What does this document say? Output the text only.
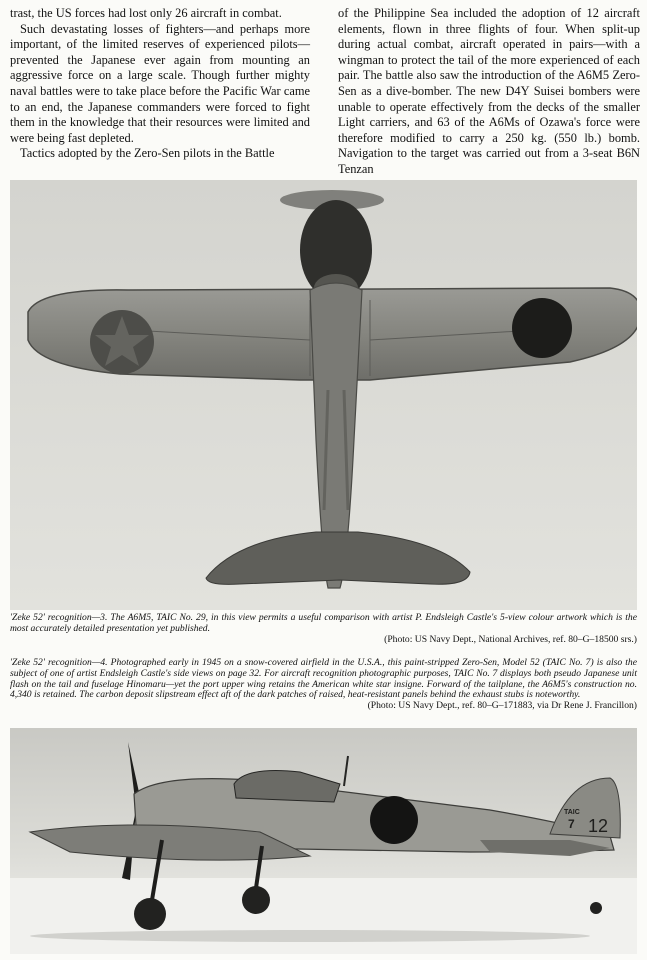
trast, the US forces had lost only 26 aircraft in combat.

Such devastating losses of fighters—and perhaps more important, of the limited reserves of experienced pilots—prevented the Japanese ever again from mounting an aggressive force on a large scale. Though further mighty naval battles were to take place before the Pacific War came to an end, the Japanese commanders were forced to fight them in the knowledge that their resources were limited and were being fast depleted.

Tactics adopted by the Zero-Sen pilots in the Battle

of the Philippine Sea included the adoption of 12 aircraft elements, flown in three flights of four. When split-up during actual combat, aircraft operated in pairs—with a wingman to protect the tail of the more experienced of each pair. The battle also saw the introduction of the A6M5 Zero-Sen as a dive-bomber. The new D4Y Suisei bombers were unable to operate effectively from the decks of the smaller Light carriers, and 63 of the A6Ms of Ozawa's force were therefore modified to carry a 250 kg. (550 lb.) bomb. Navigation to the target was carried out from a 3-seat B6N Tenzan

'Zeke 52' recognition—3. The A6M5, TAIC No. 29, in this view permits a useful comparison with artist P. Endsleigh Castle's 5-view colour artwork which is the most accurately detailed presentation yet published.
(Photo: US Navy Dept., National Archives, ref. 80–G–18500 srs.)
'Zeke 52' recognition—4. Photographed early in 1945 on a snow-covered airfield in the U.S.A., this paint-stripped Zero-Sen, Model 52 (TAIC No. 7) is also the subject of one of artist Endsleigh Castle's side views on page 32. For aircraft recognition photographic purposes, TAIC No. 7 displays both pseudo Japanese unit flash on the tail and fuselage Hinomaru—yet the port upper wing retains the American white star insigne. Forward of the tailplane, the A6M5's construction no. 4,340 is retained. The carbon deposit slipstream effect aft of the dark patches of raised, heat-resistant panels behind the exhaust stubs is noteworthy.
(Photo: US Navy Dept., ref. 80–G–171883, via Dr Rene J. Francillon)
TAIC
7 12
